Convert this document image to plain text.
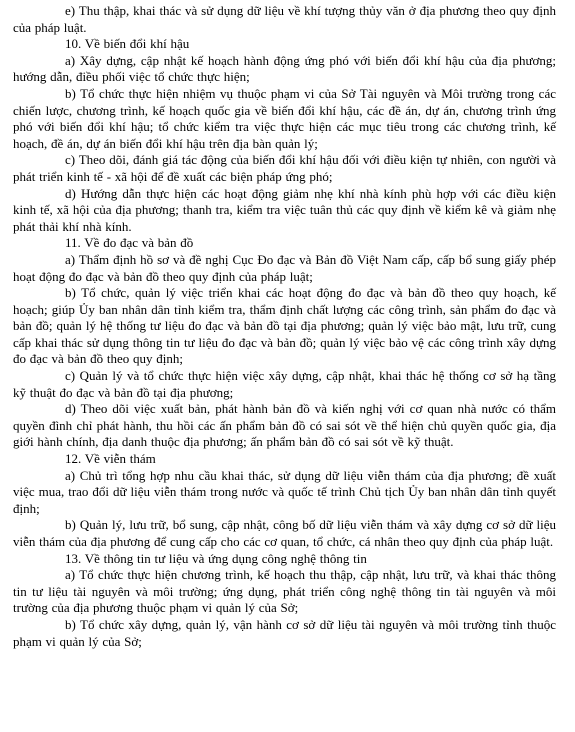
e) Thu thập, khai thác và sử dụng dữ liệu về khí tượng thủy văn ở địa phương theo quy định của pháp luật.

10. Về biến đổi khí hậu

a) Xây dựng, cập nhật kế hoạch hành động ứng phó với biến đổi khí hậu của địa phương; hướng dẫn, điều phối việc tổ chức thực hiện;

b) Tổ chức thực hiện nhiệm vụ thuộc phạm vi của Sở Tài nguyên và Môi trường trong các chiến lược, chương trình, kế hoạch quốc gia về biến đổi khí hậu, các đề án, dự án, chương trình ứng phó với biến đổi khí hậu; tổ chức kiểm tra việc thực hiện các mục tiêu trong các chương trình, kế hoạch, đề án, dự án biến đổi khí hậu trên địa bàn quản lý;

c) Theo dõi, đánh giá tác động của biến đổi khí hậu đối với điều kiện tự nhiên, con người và phát triển kinh tế - xã hội để đề xuất các biện pháp ứng phó;

d) Hướng dẫn thực hiện các hoạt động giảm nhẹ khí nhà kính phù hợp với các điều kiện kinh tế, xã hội của địa phương; thanh tra, kiểm tra việc tuân thủ các quy định về kiểm kê và giảm nhẹ phát thải khí nhà kính.

11. Về đo đạc và bản đồ

a) Thẩm định hồ sơ và đề nghị Cục Đo đạc và Bản đồ Việt Nam cấp, cấp bổ sung giấy phép hoạt động đo đạc và bản đồ theo quy định của pháp luật;

b) Tổ chức, quản lý việc triển khai các hoạt động đo đạc và bản đồ theo quy hoạch, kế hoạch; giúp Ủy ban nhân dân tỉnh kiểm tra, thẩm định chất lượng các công trình, sản phẩm đo đạc và bản đồ; quản lý hệ thống tư liệu đo đạc và bản đồ tại địa phương; quản lý việc bảo mật, lưu trữ, cung cấp khai thác sử dụng thông tin tư liệu đo đạc và bản đồ; quản lý việc bảo vệ các công trình xây dựng đo đạc và bản đồ theo quy định;

c) Quản lý và tổ chức thực hiện việc xây dựng, cập nhật, khai thác hệ thống cơ sở hạ tầng kỹ thuật đo đạc và bản đồ tại địa phương;

d) Theo dõi việc xuất bản, phát hành bản đồ và kiến nghị với cơ quan nhà nước có thẩm quyền đình chỉ phát hành, thu hồi các ấn phẩm bản đồ có sai sót về thể hiện chủ quyền quốc gia, địa giới hành chính, địa danh thuộc địa phương; ấn phẩm bản đồ có sai sót về kỹ thuật.

12. Về viễn thám

a) Chủ trì tổng hợp nhu cầu khai thác, sử dụng dữ liệu viễn thám của địa phương; đề xuất việc mua, trao đổi dữ liệu viễn thám trong nước và quốc tế trình Chủ tịch Ủy ban nhân dân tỉnh quyết định;

b) Quản lý, lưu trữ, bổ sung, cập nhật, công bố dữ liệu viễn thám và xây dựng cơ sở dữ liệu viễn thám của địa phương để cung cấp cho các cơ quan, tổ chức, cá nhân theo quy định của pháp luật.

13. Về thông tin tư liệu và ứng dụng công nghệ thông tin

a) Tổ chức thực hiện chương trình, kế hoạch thu thập, cập nhật, lưu trữ, và khai thác thông tin tư liệu tài nguyên và môi trường; ứng dụng, phát triển công nghệ thông tin tài nguyên và môi trường của địa phương thuộc phạm vi quản lý của Sở;

b) Tổ chức xây dựng, quản lý, vận hành cơ sở dữ liệu tài nguyên và môi trường tỉnh thuộc phạm vi quản lý của Sở;
